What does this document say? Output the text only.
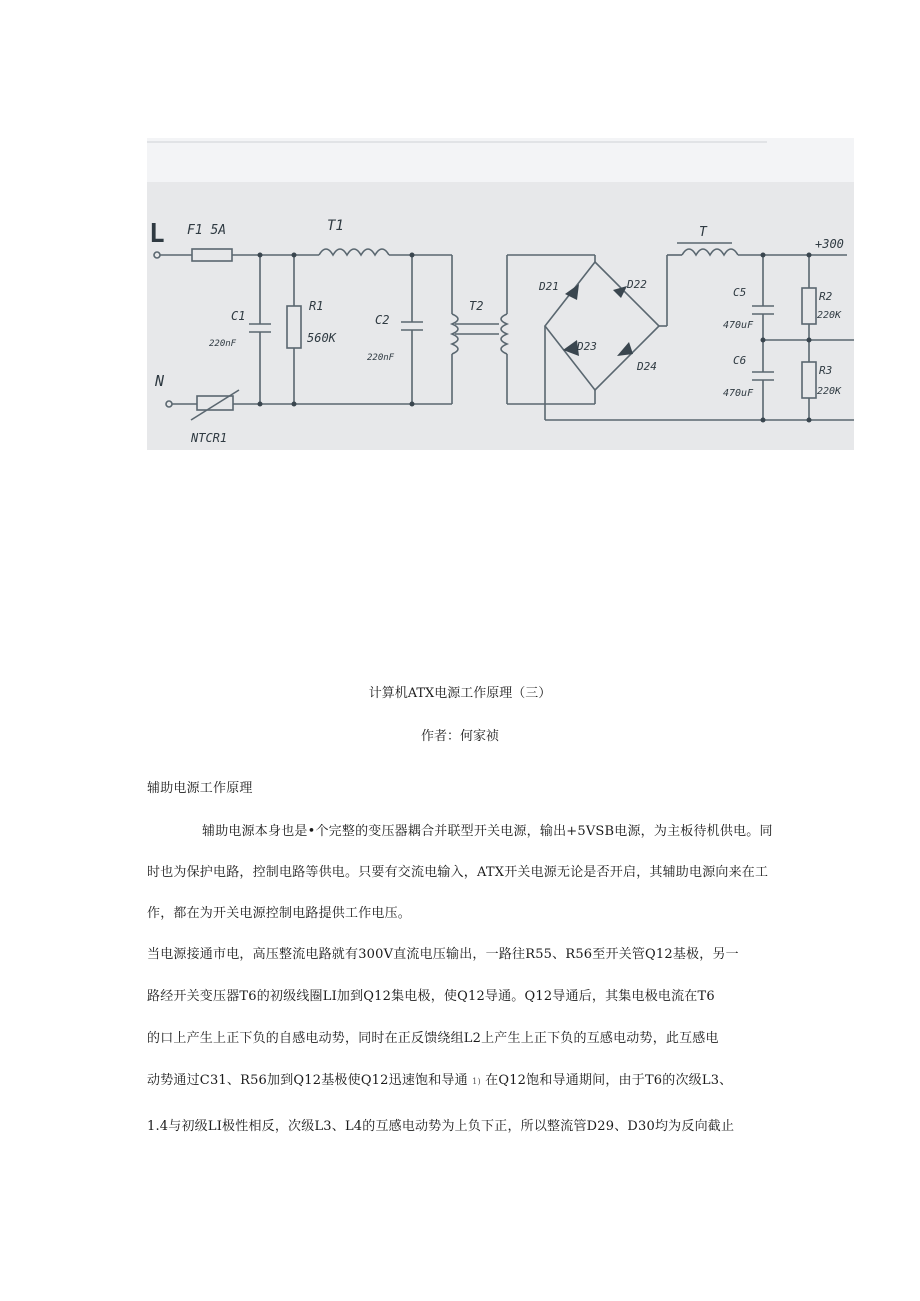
L
N
F1 5A	T1
C1
220nF
R1
560K
C2
220nF
T2
D21	D22
D23
D24
T
C5
470uF
C6
470uF
R2
220K
R3
220K
NTCR1
+300
计算机ATX电源工作原理（三）
作者：何家祯
辅助电源工作原理
辅助电源本身也是•个完整的变压器耦合并联型开关电源，输出+5VSB电源，为主板待机供电。同
时也为保护电路，控制电路等供电。只要有交流电输入，ATX开关电源无论是否开启，其辅助电源向来在工
作，都在为开关电源控制电路提供工作电压。
当电源接通市电，高压整流电路就有300V直流电压输出，一路往R55、R56至开关管Q12基极，另一
路经开关变压器T6的初级线圈LI加到Q12集电极，使Q12导通。Q12导通后，其集电极电流在T6
的口上产生上正下负的自感电动势，同时在正反馈绕组L2上产生上正下负的互感电动势，此互感电
动势通过C31、R56加到Q12基极使Q12迅速饱和导通 1) 在Q12饱和导通期间，由于T6的次级L3、
1.4与初级LI极性相反，次级L3、L4的互感电动势为上负下正，所以整流管D29、D30均为反向截止
